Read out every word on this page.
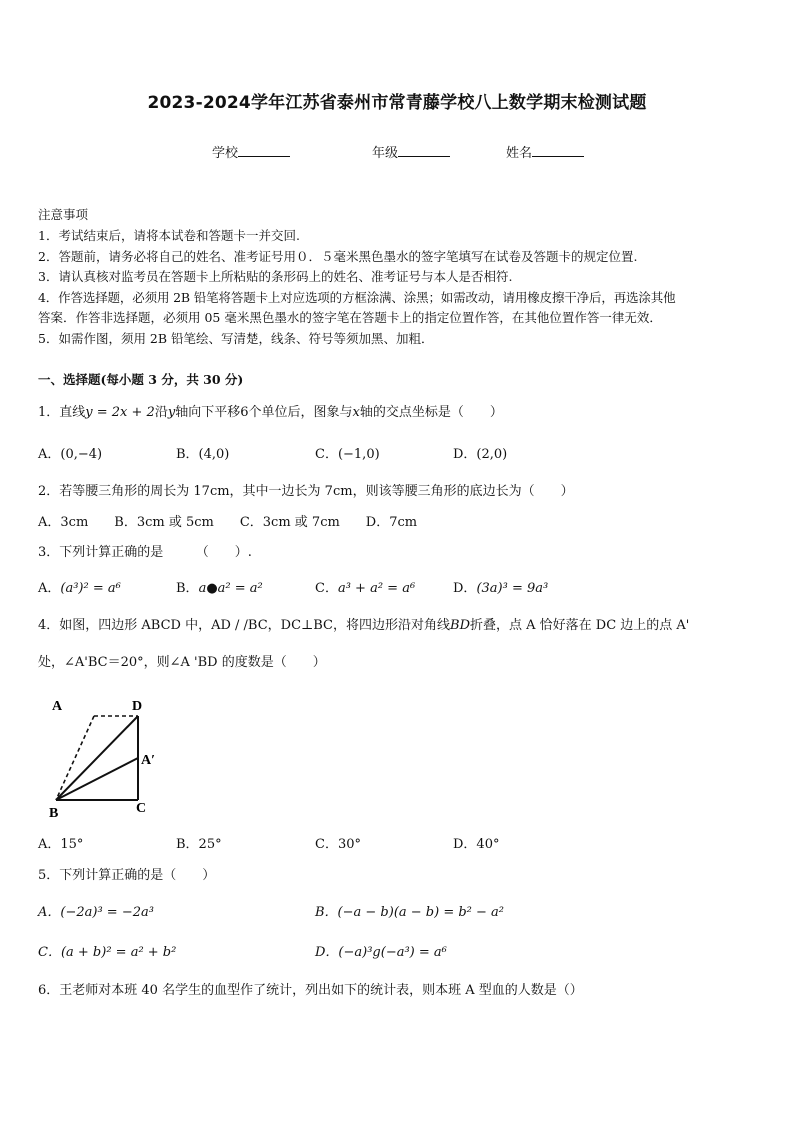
2023-2024学年江苏省泰州市常青藤学校八上数学期末检测试题
学校	年级	姓名
注意事项
1．考试结束后，请将本试卷和答题卡一并交回.
2．答题前，请务必将自己的姓名、准考证号用０．５毫米黑色墨水的签字笔填写在试卷及答题卡的规定位置.
3．请认真核对监考员在答题卡上所粘贴的条形码上的姓名、准考证号与本人是否相符.
4．作答选择题，必须用 2B 铅笔将答题卡上对应选项的方框涂满、涂黑；如需改动，请用橡皮擦干净后，再选涂其他
答案．作答非选择题，必须用 05 毫米黑色墨水的签字笔在答题卡上的指定位置作答，在其他位置作答一律无效．
5．如需作图，须用 2B 铅笔绘、写清楚，线条、符号等须加黑、加粗．
一、选择题(每小题 3 分，共 30 分)
1．直线y = 2x + 2沿y轴向下平移6个单位后，图象与x轴的交点坐标是（　　）
A．(0,−4)	B．(4,0)	C．(−1,0)	D．(2,0)
2．若等腰三角形的周长为 17cm，其中一边长为 7cm，则该等腰三角形的底边长为（　　）
A．3cm　　B．3cm 或 5cm　　C．3cm 或 7cm　　D．7cm
3．下列计算正确的是　　　（　　）.
A．(a³)² = a⁶	B．a●a² = a²	C．a³ + a² = a⁶	D．(3a)³ = 9a³
4．如图，四边形 ABCD 中，AD / /BC，DC⊥BC，将四边形沿对角线BD折叠，点 A 恰好落在 DC 边上的点 A'
处，∠A'BC＝20°，则∠A 'BD 的度数是（　　）
A	D
A′
B	C
A．15°	B．25°	C．30°	D．40°
5．下列计算正确的是（　　）
A．(−2a)³ = −2a³	B．(−a − b)(a − b) = b² − a²
C．(a + b)² = a² + b²	D．(−a)³g(−a³) = a⁶
6．王老师对本班 40 名学生的血型作了统计，列出如下的统计表，则本班 A 型血的人数是（）
